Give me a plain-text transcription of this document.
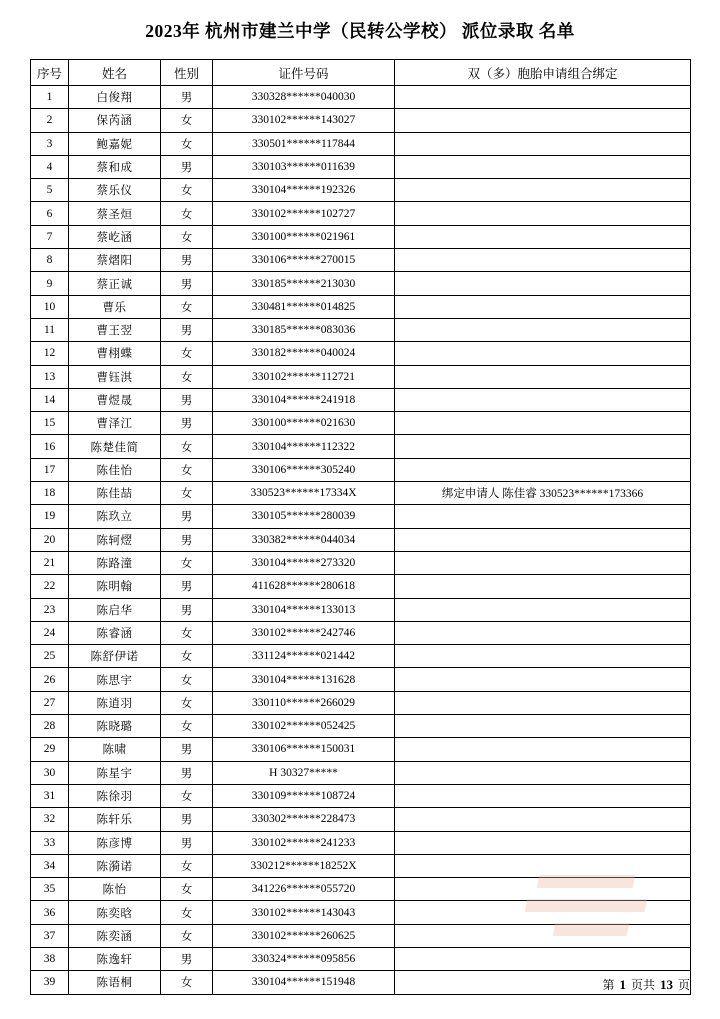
2023年 杭州市建兰中学（民转公学校） 派位录取 名单
序号	姓名	性别	证件号码	双（多）胞胎申请组合绑定
1	白俊翔	男	330328******040030	
2	保芮涵	女	330102******143027	
3	鲍嘉妮	女	330501******117844	
4	蔡和成	男	330103******011639	
5	蔡乐仪	女	330104******192326	
6	蔡圣烜	女	330102******102727	
7	蔡屹涵	女	330100******021961	
8	蔡熠阳	男	330106******270015	
9	蔡正诚	男	330185******213030	
10	曹乐	女	330481******014825	
11	曹王翌	男	330185******083036	
12	曹栩蝶	女	330182******040024	
13	曹钰淇	女	330102******112721	
14	曹煜晟	男	330104******241918	
15	曹泽江	男	330100******021630	
16	陈楚佳简	女	330104******112322	
17	陈佳怡	女	330106******305240	
18	陈佳喆	女	330523******17334X	绑定申请人 陈佳睿 330523******173366
19	陈玖立	男	330105******280039	
20	陈轲熤	男	330382******044034	
21	陈路潼	女	330104******273320	
22	陈明翰	男	411628******280618	
23	陈启华	男	330104******133013	
24	陈睿涵	女	330102******242746	
25	陈舒伊诺	女	331124******021442	
26	陈思宇	女	330104******131628	
27	陈逍羽	女	330110******266029	
28	陈晓璐	女	330102******052425	
29	陈啸	男	330106******150031	
30	陈星宇	男	H 30327*****	
31	陈徐羽	女	330109******108724	
32	陈轩乐	男	330302******228473	
33	陈彦博	男	330102******241233	
34	陈漪诺	女	330212******18252X	
35	陈怡	女	341226******055720	
36	陈奕晗	女	330102******143043	
37	陈奕涵	女	330102******260625	
38	陈逸轩	男	330324******095856	
39	陈语桐	女	330104******151948		第 1 页共 13 页
